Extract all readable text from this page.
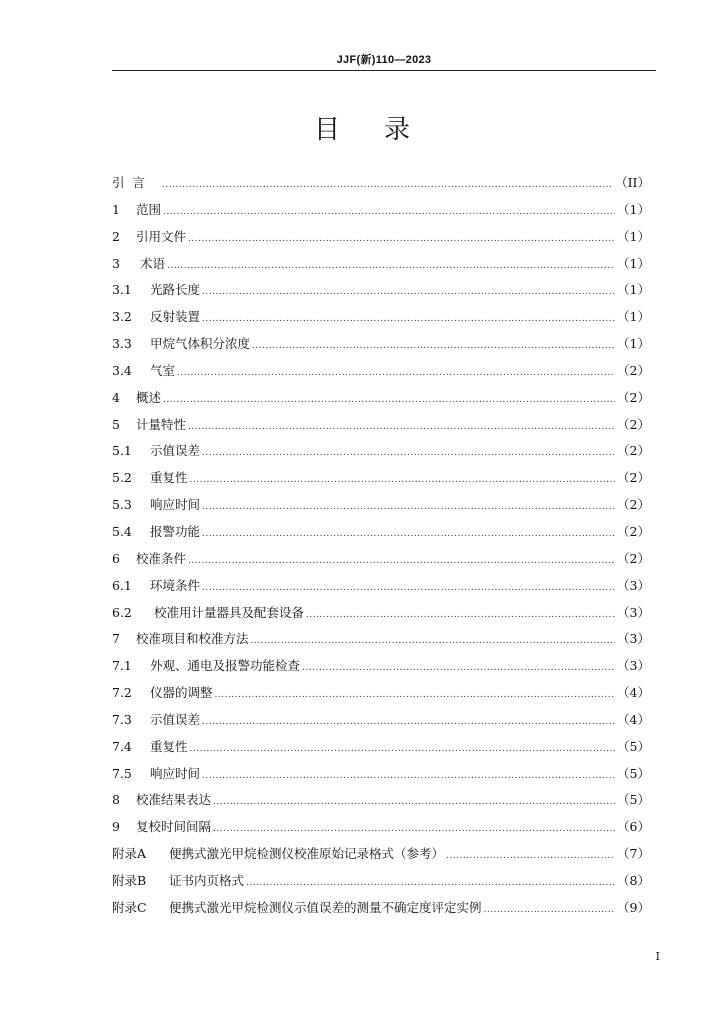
JJF(新)110—2023
目录
引  言 .....	（II）
1	范围 .....	（1）
2	引用文件 .....	（1）
3	术语 .....	（1）
3.1	光路长度 .....	（1）
3.2	反射装置 .....	（1）
3.3	甲烷气体积分浓度 .....	（1）
3.4	气室 .....	（2）
4	概述 .....	（2）
5	计量特性 .....	（2）
5.1	示值误差 .....	（2）
5.2	重复性 .....	（2）
5.3	响应时间 .....	（2）
5.4	报警功能 .....	（2）
6	校准条件 .....	（2）
6.1	环境条件 .....	（3）
6.2	校准用计量器具及配套设备 .....	（3）
7	校准项目和校准方法 .....	（3）
7.1	外观、通电及报警功能检查 .....	（3）
7.2	仪器的调整 .....	（4）
7.3	示值误差 .....	（4）
7.4	重复性 .....	（5）
7.5	响应时间 .....	（5）
8	校准结果表达 .....	（5）
9	复校时间间隔 .....	（6）
附录A	便携式激光甲烷检测仪校准原始记录格式（参考） .....	（7）
附录B	证书内页格式 .....	（8）
附录C	便携式激光甲烷检测仪示值误差的测量不确定度评定实例 .....	（9）
I
